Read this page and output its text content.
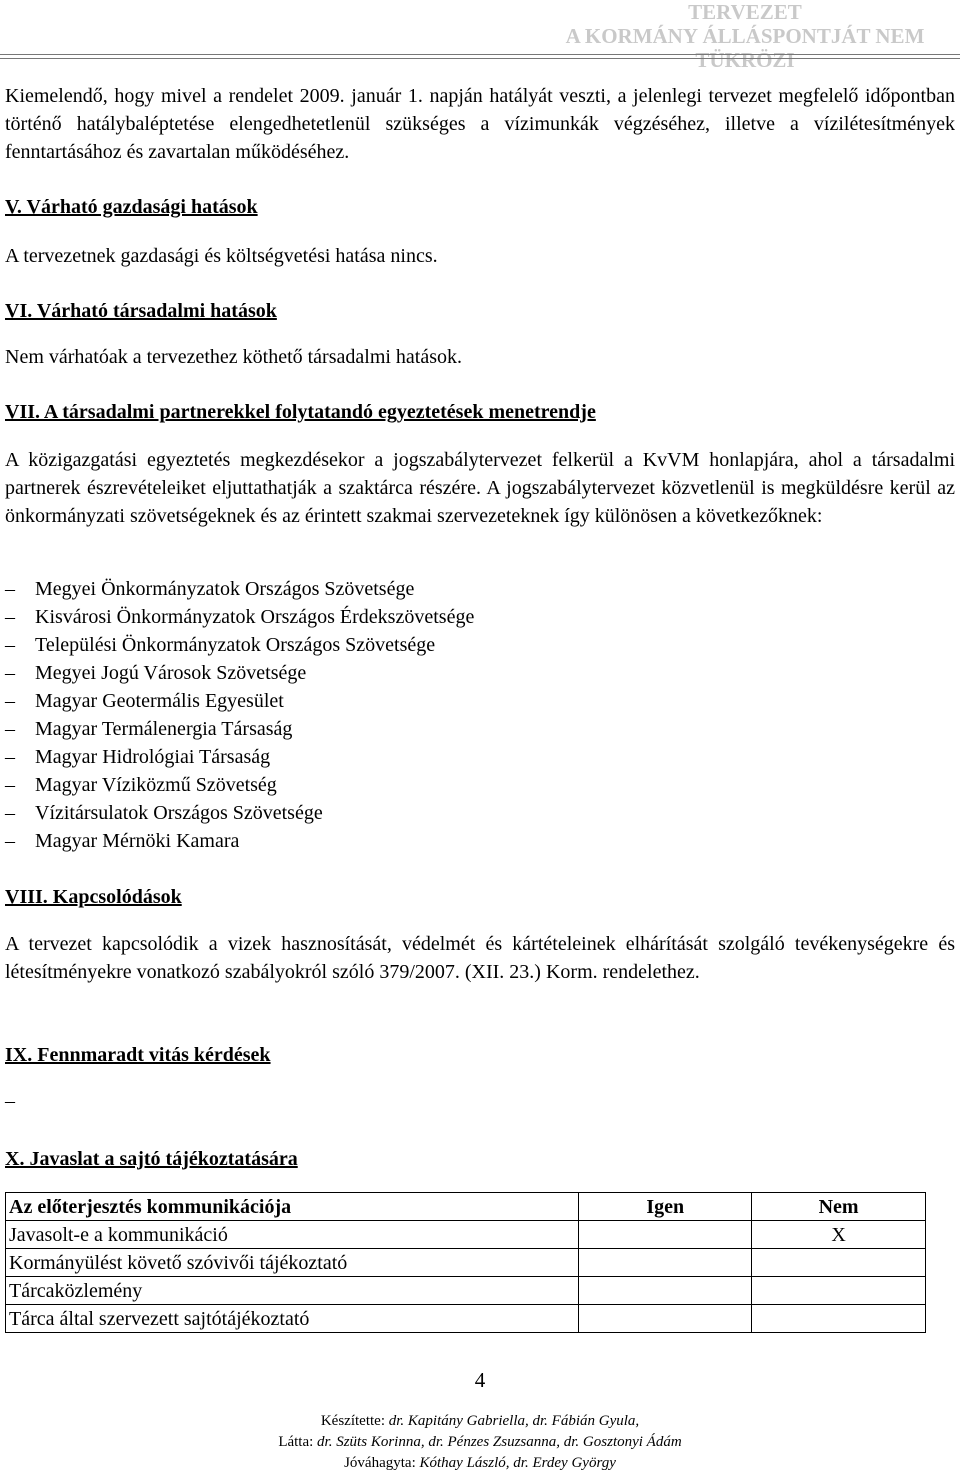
TERVEZET
A KORMÁNY ÁLLÁSPONTJÁT NEM TÜKRÖZI
Kiemelendő, hogy mivel a rendelet 2009. január 1. napján hatályát veszti, a jelenlegi tervezet megfelelő időpontban történő hatálybaléptetése elengedhetetlenül szükséges a vízimunkák végzéséhez, illetve a vízilétesítmények fenntartásához és zavartalan működéséhez.
V. Várható gazdasági hatások
A tervezetnek gazdasági és költségvetési hatása nincs.
VI. Várható társadalmi hatások
Nem várhatóak a tervezethez köthető társadalmi hatások.
VII. A társadalmi partnerekkel folytatandó egyeztetések menetrendje
A közigazgatási egyeztetés megkezdésekor a jogszabálytervezet felkerül a KvVM honlapjára, ahol a társadalmi partnerek észrevételeiket eljuttathatják a szaktárca részére. A jogszabálytervezet közvetlenül is megküldésre kerül az önkormányzati szövetségeknek és az érintett szakmai szervezeteknek így különösen a következőknek:
–    Megyei Önkormányzatok Országos Szövetsége
–    Kisvárosi Önkormányzatok Országos Érdekszövetsége
–    Települési Önkormányzatok Országos Szövetsége
–    Megyei Jogú Városok Szövetsége
–    Magyar Geotermális Egyesület
–    Magyar Termálenergia Társaság
–    Magyar Hidrológiai Társaság
–    Magyar Víziközmű Szövetség
–    Vízitársulatok Országos Szövetsége
–    Magyar Mérnöki Kamara
VIII. Kapcsolódások
A tervezet kapcsolódik a vizek hasznosítását, védelmét és kártételeinek elhárítását szolgáló tevékenységekre és létesítményekre vonatkozó szabályokról szóló 379/2007. (XII. 23.) Korm. rendelethez.
IX. Fennmaradt vitás kérdések
–
X. Javaslat a sajtó tájékoztatására
Az előterjesztés kommunikációja	Igen	Nem
Javasolt-e a kommunikáció		X
Kormányülést követő szóvivői tájékoztató		
Tárcaközlemény		
Tárca által szervezett sajtótájékoztató		
4
Készítette: dr. Kapitány Gabriella, dr. Fábián Gyula,
Látta: dr. Szüts Korinna, dr. Pénzes Zsuzsanna, dr. Gosztonyi Ádám
Jóváhagyta: Kóthay László, dr. Erdey György
